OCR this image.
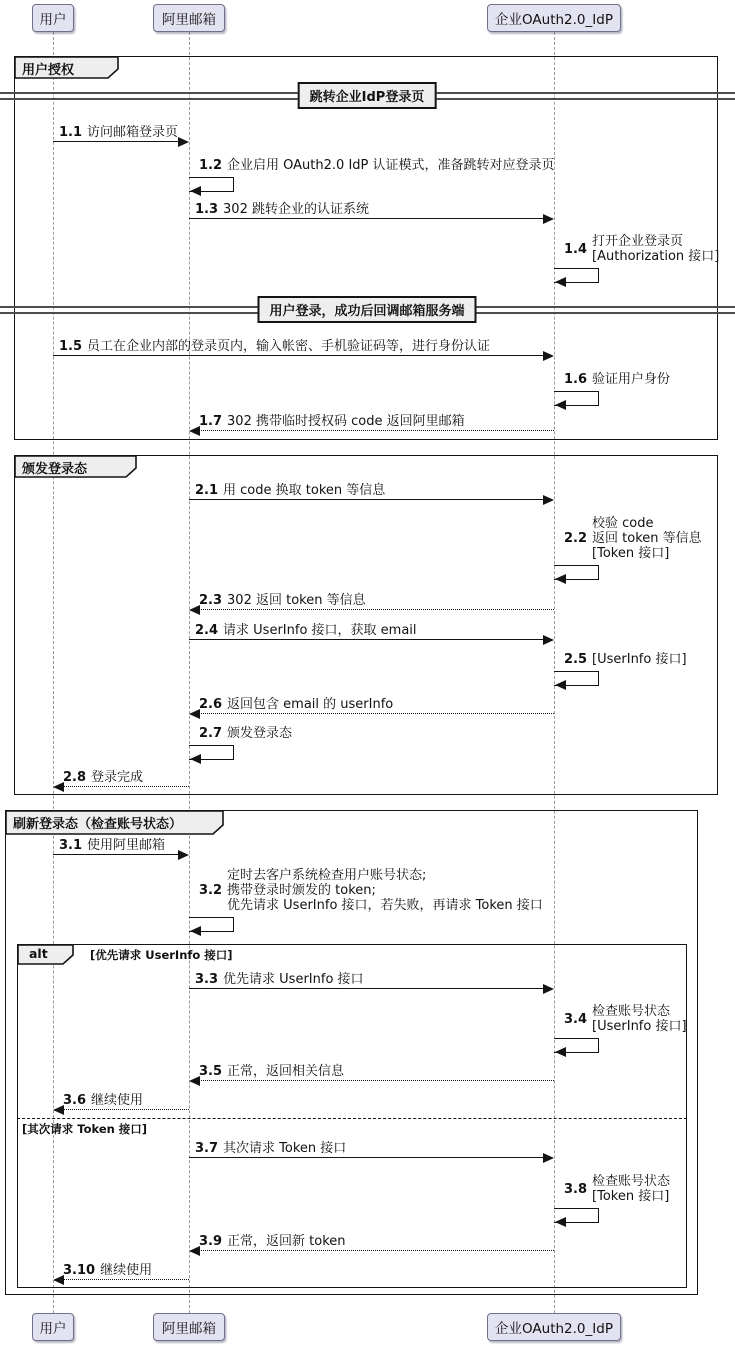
用户授权
颁发登录态
刷新登录态（检查账号状态）
跳转企业IdP登录页
用户登录，成功后回调邮箱服务端
alt	[优先请求 UserInfo 接口]
[其次请求 Token 接口]
1.1 访问邮箱登录页
1.2 企业启用 OAuth2.0 IdP 认证模式，准备跳转对应登录页
1.3 302 跳转企业的认证系统
1.4 打开企业登录页
[Authorization 接口]
1.5 员工在企业内部的登录页内，输入帐密、手机验证码等，进行身份认证
1.6 验证用户身份
1.7 302 携带临时授权码 code 返回阿里邮箱
2.1 用 code 换取 token 等信息
2.2
校验 code
返回 token 等信息
[Token 接口]
2.3 302 返回 token 等信息
2.4 请求 UserInfo 接口，获取 email
2.5 [UserInfo 接口]
2.6 返回包含 email 的 userInfo
2.7 颁发登录态
2.8 登录完成
3.1 使用阿里邮箱
3.2
定时去客户系统检查用户账号状态;
携带登录时颁发的 token;
优先请求 UserInfo 接口，若失败，再请求 Token 接口
3.3 优先请求 UserInfo 接口
3.4 检查账号状态
[UserInfo 接口]
3.5 正常，返回相关信息
3.6 继续使用
3.7 其次请求 Token 接口
3.8 检查账号状态
[Token 接口]
3.9 正常，返回新 token
3.10 继续使用
用户
用户
阿里邮箱
阿里邮箱
企业OAuth2.0_IdP
企业OAuth2.0_IdP
